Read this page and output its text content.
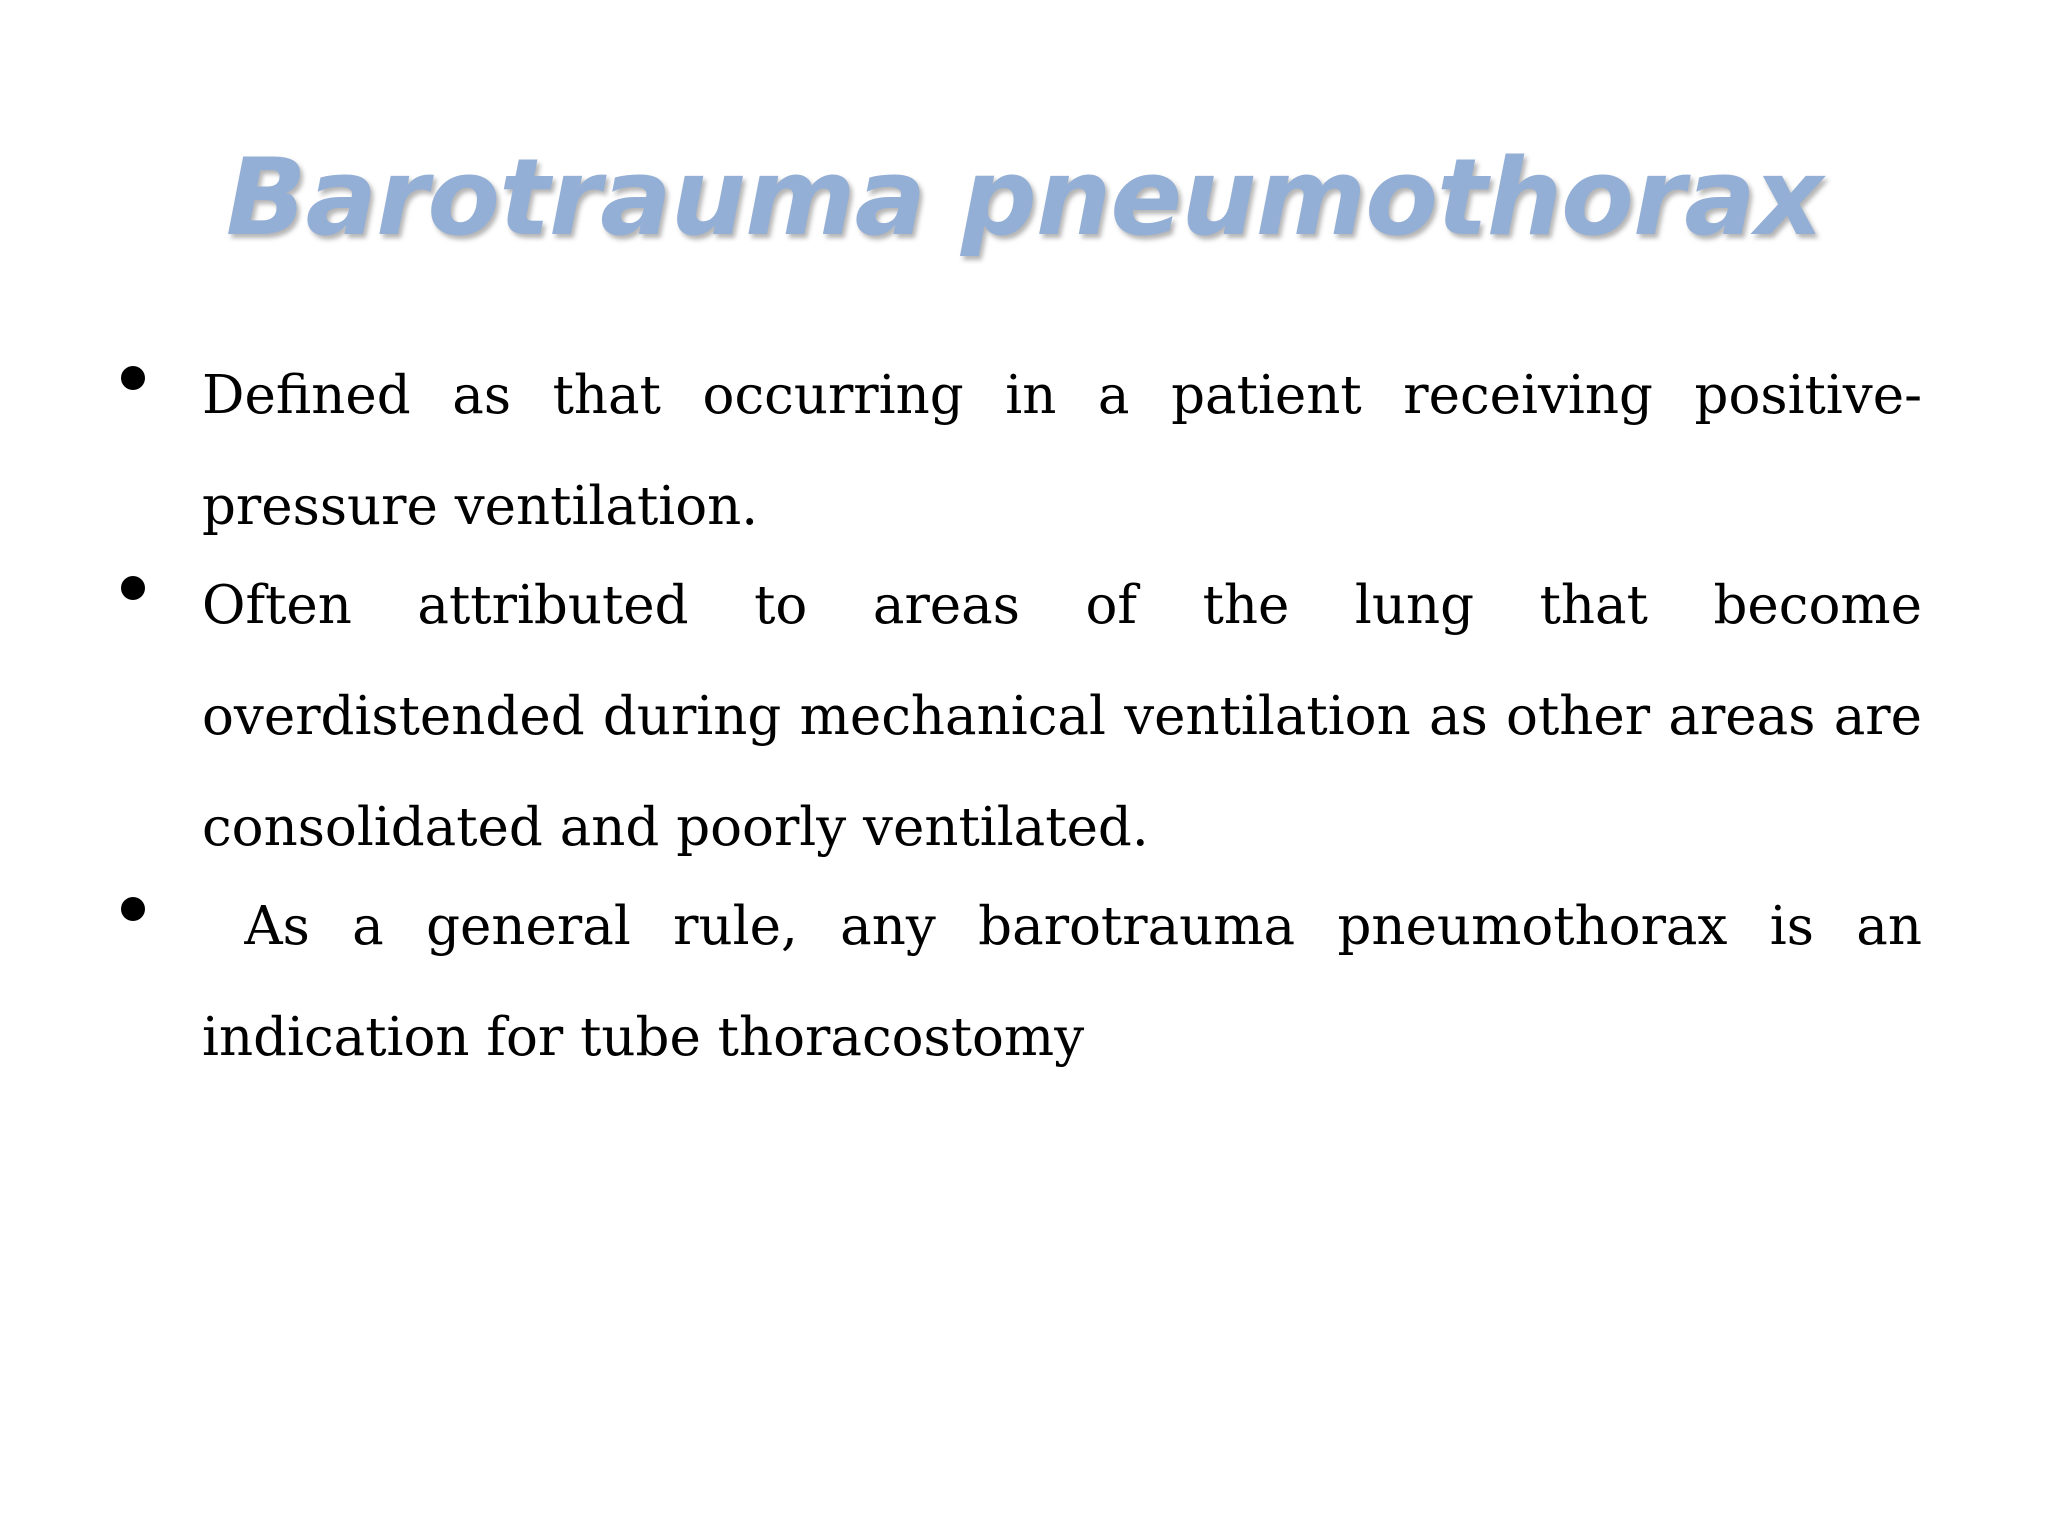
Barotrauma pneumothorax
Defined as that occurring in a patient receiving positive-pressure ventilation.
Often attributed to areas of the lung that become overdistended during mechanical ventilation as other areas are consolidated and poorly ventilated.
As a general rule, any barotrauma pneumothorax is an indication for tube thoracostomy
